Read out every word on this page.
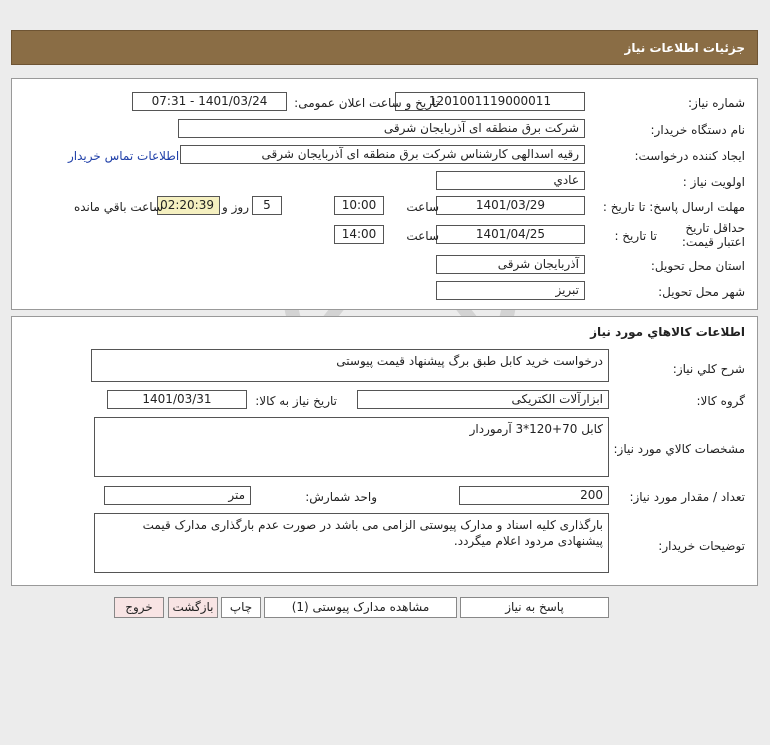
جزئیات اطلاعات نیاز
شماره نیاز:
1201001119000011
تاریخ و ساعت اعلان عمومی:
1401/03/24 - 07:31
نام دستگاه خریدار:
شرکت برق منطقه ای آذربایجان شرقی
ایجاد کننده درخواست:
رقیه اسدالهی کارشناس شرکت برق منطقه ای آذربایجان شرقی
اطلاعات تماس خریدار
اولویت نیاز :
عادي
مهلت ارسال پاسخ: تا تاریخ :
1401/03/29
ساعت
10:00
5
روز و
02:20:39
ساعت باقي مانده
حداقل تاریخ اعتبار قیمت:
تا تاریخ :
1401/04/25
ساعت
14:00
استان محل تحویل:
آذربایجان شرقی
شهر محل تحویل:
تبریز
اطلاعات کالاهاي مورد نياز
شرح کلي نياز:
درخواست خرید کابل طبق برگ پیشنهاد قیمت پیوستی
گروه کالا:
ابزارآلات الکتریکی
تاریخ نیاز به کالا:
1401/03/31
مشخصات کالاي مورد نياز:
کابل 70+120*3 آرموردار
تعداد / مقدار مورد نیاز:
200
واحد شمارش:
متر
توضیحات خریدار:
بارگذاری کلیه اسناد و مدارک پیوستی الزامی می باشد در صورت عدم بارگذاری مدارک قیمت پیشنهادی مردود اعلام میگردد.
پاسخ به نیاز
مشاهده مدارک پیوستی (1)
چاپ
بازگشت
خروج
